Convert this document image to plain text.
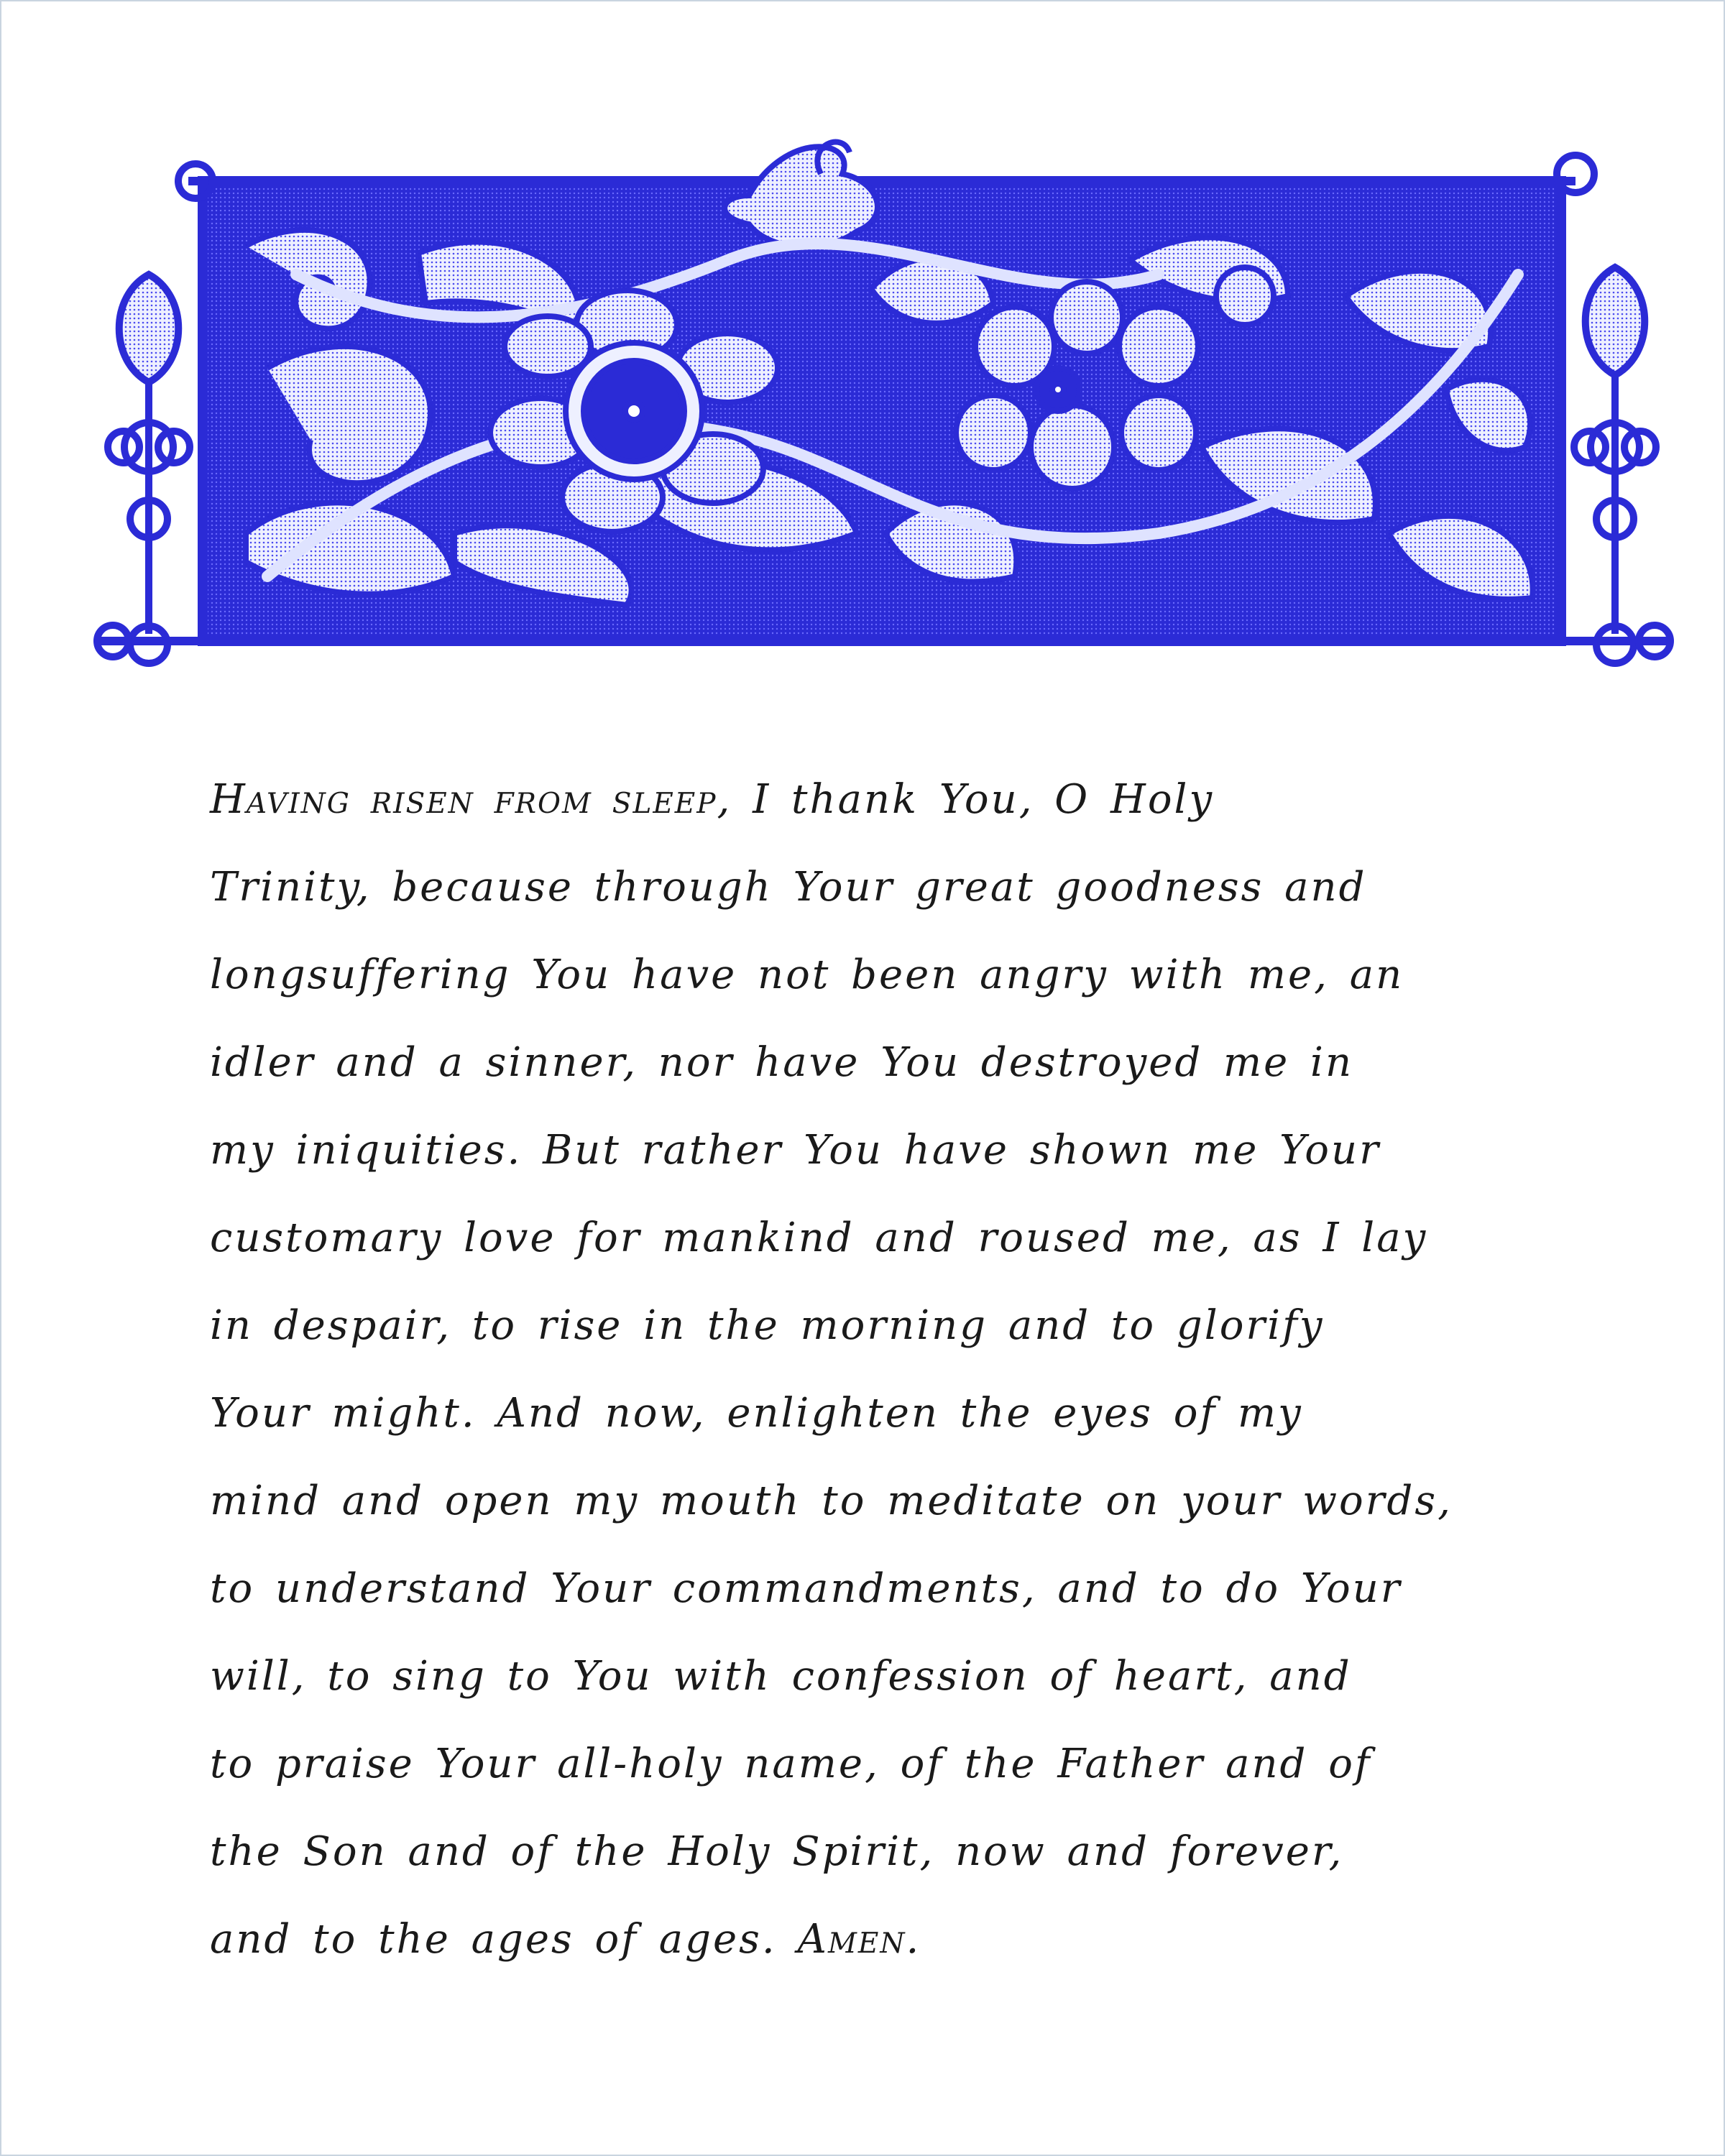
Having risen from sleep, I thank You, O Holy
Trinity, because through Your great goodness and
longsuffering You have not been angry with me, an
idler and a sinner, nor have You destroyed me in
my iniquities. But rather You have shown me Your
customary love for mankind and roused me, as I lay
in despair, to rise in the morning and to glorify
Your might. And now, enlighten the eyes of my
mind and open my mouth to meditate on your words,
to understand Your commandments, and to do Your
will, to sing to You with confession of heart, and
to praise Your all-holy name, of the Father and of
the Son and of the Holy Spirit, now and forever,
and to the ages of ages. Amen.
